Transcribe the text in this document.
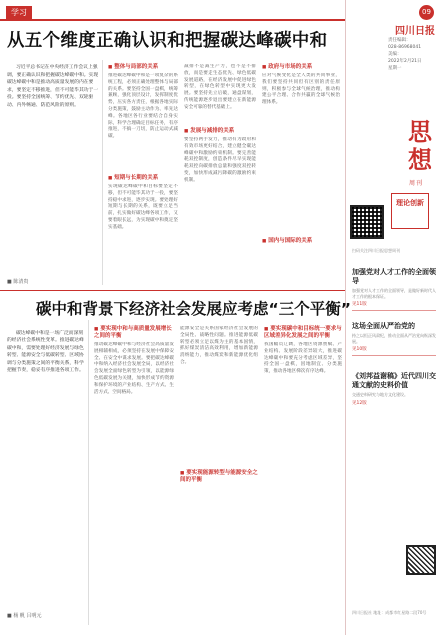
学习	09
四川日报
责任编辑：
028-86968041
美编：
2022年2月21日
星期一
思想
周刊
理论创新
扫码关注四川日报思想周刊
加强党对人才工作的全面领导
加强党对人才工作的全面领导，是做好新时代人才工作的根本保证。
见11版
这场全面从严治党的
持之以恒正风肃纪，推动全面从严治党向纵深发展。
见10版
《刘邦益谢稿》近代四川交通文献的史料价值
交通史料研究与地方文化建设。
见12版
四川日报社 地址：成都市红星路二段70号
从五个维度正确认识和把握碳达峰碳中和
习近平总书记在中央经济工作会议上强调，要正确认识和把握碳达峰碳中和。实现碳达峰碳中和是推动高质量发展的内在要求，要坚定不移推进，但不可能毕其功于一役。要坚持全国统筹、节约优先、双轮驱动、内外畅通、防范风险的原则。
■ 陈清贵
■ 整体与局部的关系
推进碳达峰碳中和是一项复杂的系统工程，必须正确处理整体与局部的关系。要坚持全国一盘棋，统筹兼顾，强化顶层设计，发挥制度优势，压实各方责任，根据各地实际分类施策，鼓励主动作为、率先达峰。各地区各行业要结合自身实际，科学合理确定目标任务，有序推进，不搞一刀切，防止运动式减碳。
■ 短期与长期的关系
实现碳达峰碳中和目标要坚定不移，但不可能毕其功于一役，要坚持稳中求进，逐步实现。要处理好短期与长期的关系，既要立足当前，扎实做好碳达峰各项工作，又要着眼长远，为实现碳中和奠定坚实基础。
减排不是减生产力，也不是不排放，而是要走生态优先、绿色低碳发展道路，在经济发展中促进绿色转型，在绿色转型中实现更大发展。要坚持先立后破，通盘谋划，传统能源逐步退出要建立在新能源安全可靠的替代基础上。
■ 发展与减排的关系
要坚持两手发力，推动有为政府和有效市场更好结合，建立健全碳达峰碳中和激励约束机制。要完善能耗双控制度，创造条件尽早实现能耗双控向碳排放总量和强度双控转变，加快形成减污降碳的激励约束机制。
■ 政府与市场的关系
应对气候变化是全人类的共同事业，我们要坚持共同但有区别的责任原则，积极参与全球气候治理，推动构建公平合理、合作共赢的全球气候治理体系。
■ 国内与国际的关系
碳中和背景下经济社会发展应考虑“三个平衡”
碳达峰碳中和是一场广泛而深刻的经济社会系统性变革。推进碳达峰碳中和，需要处理好经济发展与绿色转型、能源安全与低碳转型、区域协调与分类施策之间的平衡关系，科学把握节奏，稳妥有序推进各项工作。
■ 杨 帆 吕明元
■ 要实现中和与高质量发展增长之间的平衡
推动碳达峰碳中和与经济社会高质量发展相辅相成，必须坚持在发展中保障安全、在安全中谋求发展。要把碳达峰碳中和纳入经济社会发展全局，以经济社会发展全面绿色转型为引领，以能源绿色低碳发展为关键，加快形成节约资源和保护环境的产业结构、生产方式、生活方式、空间格局。
能源安全是关系国家经济社会发展的全局性、战略性问题。推进能源低碳转型必须立足以煤为主的基本国情，抓好煤炭清洁高效利用，增加新能源消纳能力，推动煤炭和新能源优化组合。
■ 要实现能源转型与能源安全之间的平衡
■ 要实现碳中和目标统一要求与区域差异化发展之间的平衡
我国幅员辽阔，各地区资源禀赋、产业结构、发展阶段差异较大，推进碳达峰碳中和要充分考虑区域差异，坚持全国一盘棋，因地制宜、分类施策，推动各地区梯次有序达峰。
